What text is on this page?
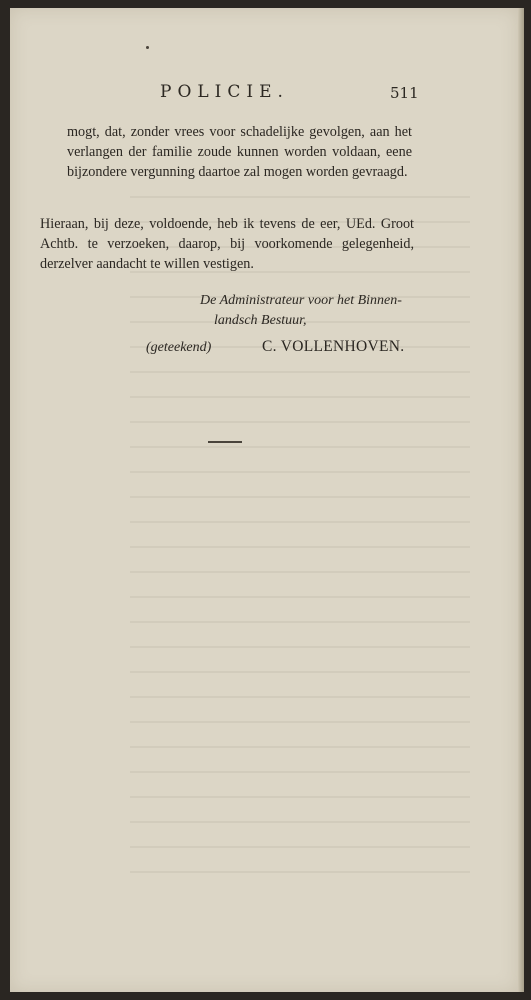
POLICIE.	511
mogt, dat, zonder vrees voor schadelijke gevolgen, aan het verlangen der familie zoude kunnen worden voldaan, eene bijzondere vergunning daartoe zal mogen worden gevraagd.
Hieraan, bij deze, voldoende, heb ik tevens de eer, UEd. Groot Achtb. te verzoeken, daarop, bij voorkomende gelegenheid, derzelver aandacht te willen vestigen.
De Administrateur voor het Binnen-
landsch Bestuur,
(geteekend)	C. VOLLENHOVEN.
